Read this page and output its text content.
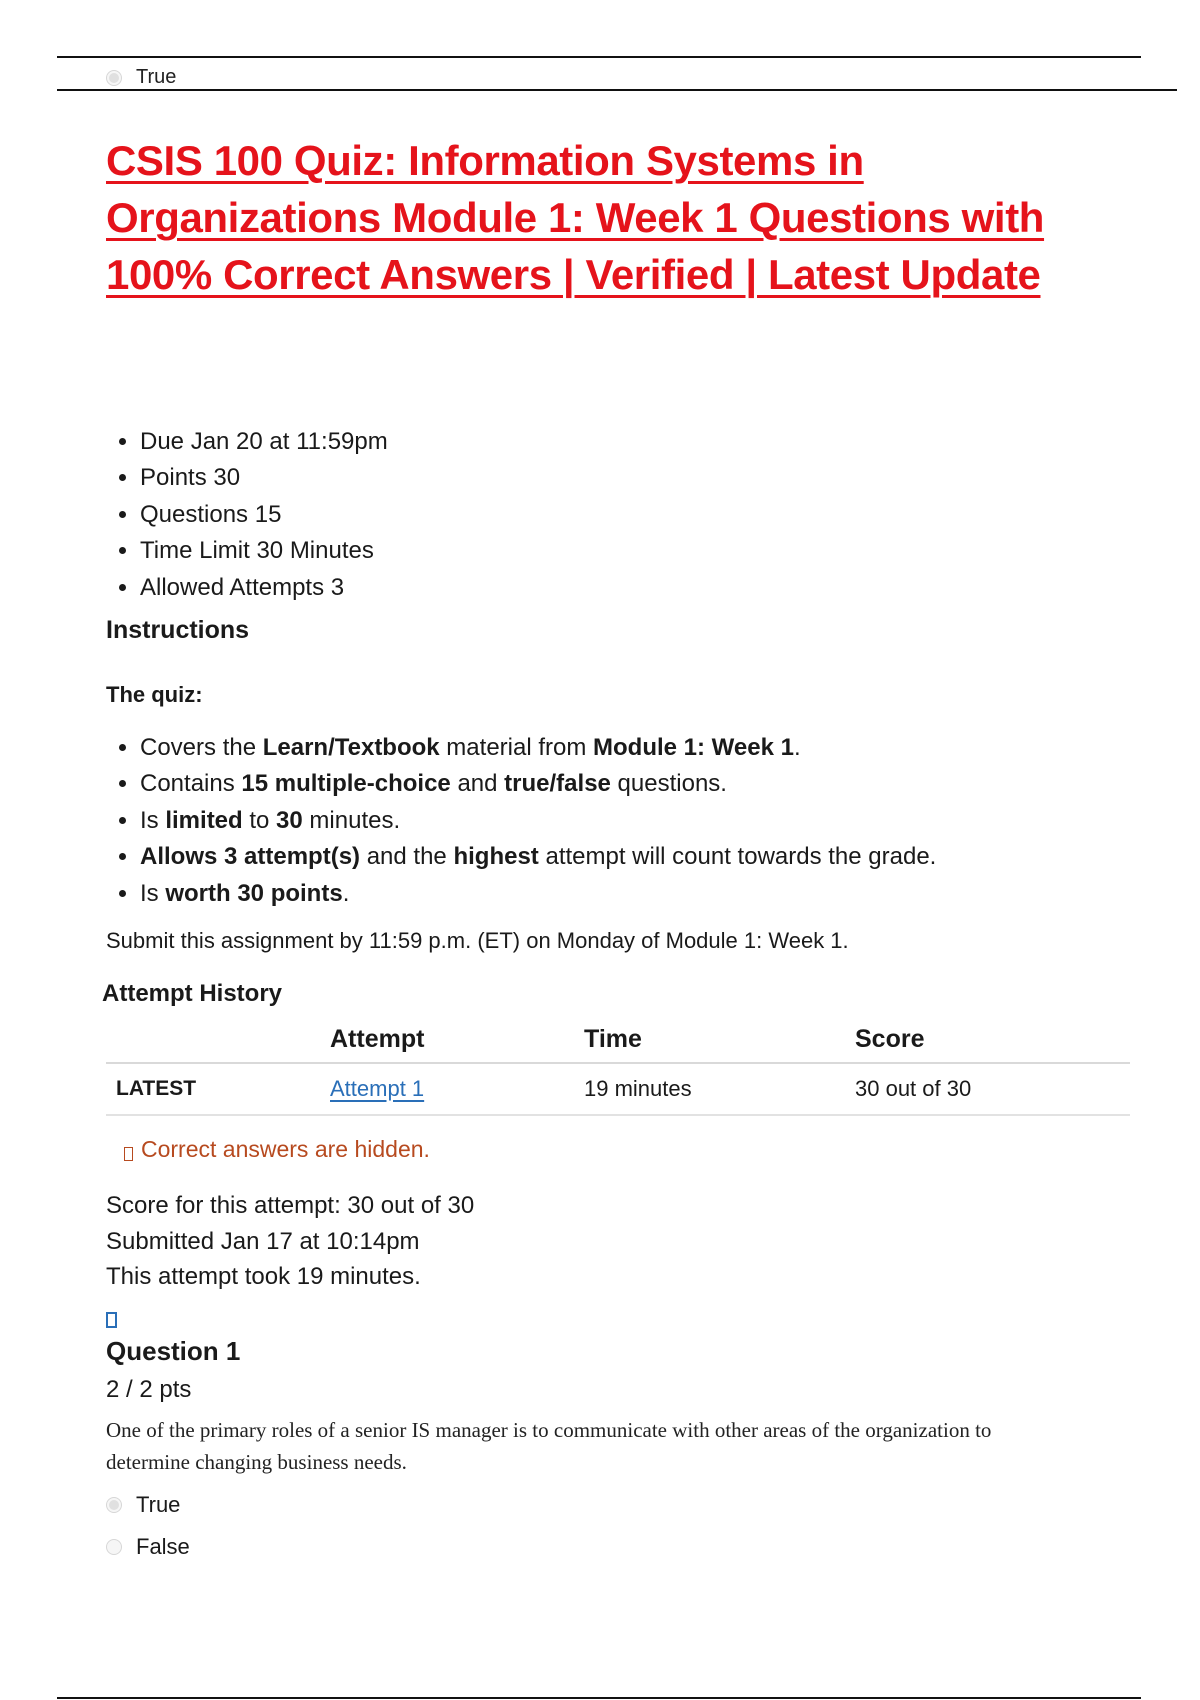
True
CSIS 100 Quiz: Information Systems in Organizations Module 1: Week 1 Questions with 100% Correct Answers | Verified | Latest Update
• Due Jan 20 at 11:59pm
• Points 30
• Questions 15
• Time Limit 30 Minutes
• Allowed Attempts 3
Instructions
The quiz:
• Covers the Learn/Textbook material from Module 1: Week 1.
• Contains 15 multiple-choice and true/false questions.
• Is limited to 30 minutes.
• Allows 3 attempt(s) and the highest attempt will count towards the grade.
• Is worth 30 points.
Submit this assignment by 11:59 p.m. (ET) on Monday of Module 1: Week 1.
Attempt History
	Attempt	Time	Score
LATEST	Attempt 1	19 minutes	30 out of 30
Correct answers are hidden.
Score for this attempt: 30 out of 30
Submitted Jan 17 at 10:14pm
This attempt took 19 minutes.
Question 1
2 / 2 pts
One of the primary roles of a senior IS manager is to communicate with other areas of the organization to determine changing business needs.
True
False
